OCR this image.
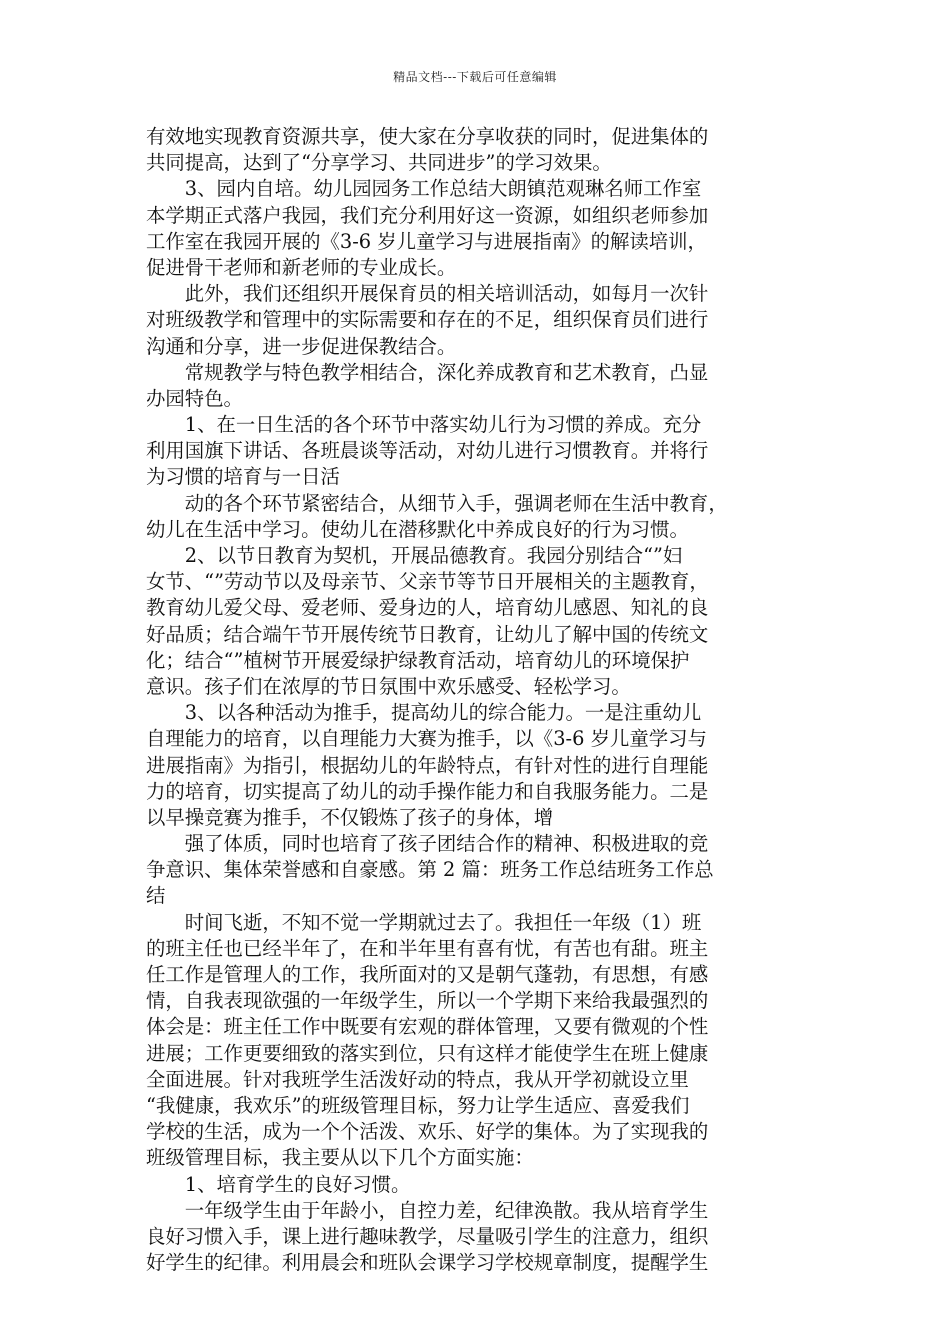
精品文档---下载后可任意编辑
有效地实现教育资源共享，使大家在分享收获的同时，促进集体的
共同提高，达到了“分享学习、共同进步”的学习效果。
　　3、园内自培。幼儿园园务工作总结大朗镇范观琳名师工作室
本学期正式落户我园，我们充分利用好这一资源，如组织老师参加
工作室在我园开展的《3-6 岁儿童学习与进展指南》的解读培训，
促进骨干老师和新老师的专业成长。
　　此外，我们还组织开展保育员的相关培训活动，如每月一次针
对班级教学和管理中的实际需要和存在的不足，组织保育员们进行
沟通和分享，进一步促进保教结合。
　　常规教学与特色教学相结合，深化养成教育和艺术教育，凸显
办园特色。
　　1、在一日生活的各个环节中落实幼儿行为习惯的养成。充分
利用国旗下讲话、各班晨谈等活动，对幼儿进行习惯教育。并将行
为习惯的培育与一日活
　　动的各个环节紧密结合，从细节入手，强调老师在生活中教育，
幼儿在生活中学习。使幼儿在潜移默化中养成良好的行为习惯。
　　2、以节日教育为契机，开展品德教育。我园分别结合“”妇
女节、“”劳动节以及母亲节、父亲节等节日开展相关的主题教育，
教育幼儿爱父母、爱老师、爱身边的人，培育幼儿感恩、知礼的良
好品质；结合端午节开展传统节日教育，让幼儿了解中国的传统文
化；结合“”植树节开展爱绿护绿教育活动，培育幼儿的环境保护
意识。孩子们在浓厚的节日氛围中欢乐感受、轻松学习。
　　3、以各种活动为推手，提高幼儿的综合能力。一是注重幼儿
自理能力的培育，以自理能力大赛为推手，以《3-6 岁儿童学习与
进展指南》为指引，根据幼儿的年龄特点，有针对性的进行自理能
力的培育，切实提高了幼儿的动手操作能力和自我服务能力。二是
以早操竞赛为推手，不仅锻炼了孩子的身体，增
　　强了体质，同时也培育了孩子团结合作的精神、积极进取的竞
争意识、集体荣誉感和自豪感。第 2 篇：班务工作总结班务工作总
结
　　时间飞逝，不知不觉一学期就过去了。我担任一年级（1）班
的班主任也已经半年了，在和半年里有喜有忧，有苦也有甜。班主
任工作是管理人的工作，我所面对的又是朝气蓬勃，有思想，有感
情，自我表现欲强的一年级学生，所以一个学期下来给我最强烈的
体会是：班主任工作中既要有宏观的群体管理，又要有微观的个性
进展；工作更要细致的落实到位，只有这样才能使学生在班上健康
全面进展。针对我班学生活泼好动的特点，我从开学初就设立里
“我健康，我欢乐”的班级管理目标，努力让学生适应、喜爱我们
学校的生活，成为一个个活泼、欢乐、好学的集体。为了实现我的
班级管理目标，我主要从以下几个方面实施：
　　1、培育学生的良好习惯。
　　一年级学生由于年龄小，自控力差，纪律涣散。我从培育学生
良好习惯入手，课上进行趣味教学，尽量吸引学生的注意力，组织
好学生的纪律。利用晨会和班队会课学习学校规章制度，提醒学生
